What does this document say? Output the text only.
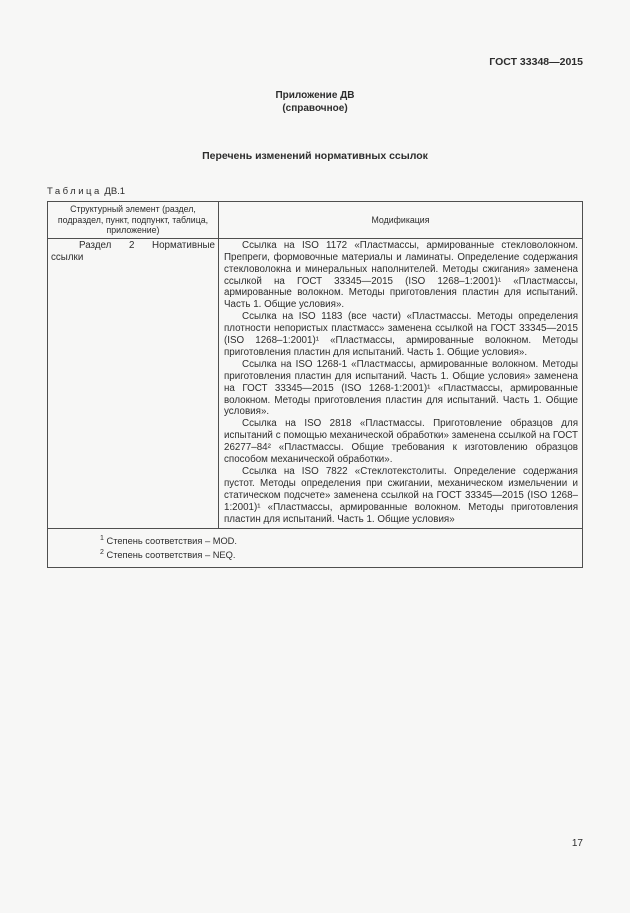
ГОСТ 33348—2015
Приложение ДВ
(справочное)
Перечень изменений нормативных ссылок
Таблица ДВ.1
Структурный элемент (раздел, подраздел, пункт, подпункт, таблица, приложение)	Модификация

Раздел 2 Нормативные ссылки	Ссылка на ISO 1172 «Пластмассы, армированные стекловолокном. Препреги, формовочные материалы и ламинаты. Определение содержания стекловолокна и минеральных наполнителей. Методы сжигания» заменена ссылкой на ГОСТ 33345—2015 (ISO 1268–1:2001)¹ «Пластмассы, армированные волокном. Методы приготовления пластин для испытаний. Часть 1. Общие условия».

Ссылка на ISO 1183 (все части) «Пластмассы. Методы определения плотности непористых пластмасс» заменена ссылкой на ГОСТ 33345—2015 (ISO 1268–1:2001)¹ «Пластмассы, армированные волокном. Методы приготовления пластин для испытаний. Часть 1. Общие условия».

Ссылка на ISO 1268-1 «Пластмассы, армированные волокном. Методы приготовления пластин для испытаний. Часть 1. Общие условия» заменена на ГОСТ 33345—2015 (ISO 1268-1:2001)¹ «Пластмассы, армированные волокном. Методы приготовления пластин для испытаний. Часть 1. Общие условия».

Ссылка на ISO 2818 «Пластмассы. Приготовление образцов для испытаний с помощью механической обработки» заменена ссылкой на ГОСТ 26277–84² «Пластмассы. Общие требования к изготовлению образцов способом механической обработки».

Ссылка на ISO 7822 «Стеклотекстолиты. Определение содержания пустот. Методы определения при сжигании, механическом измельчении и статическом подсчете» заменена ссылкой на ГОСТ 33345—2015 (ISO 1268–1:2001)¹ «Пластмассы, армированные волокном. Методы приготовления пластин для испытаний. Часть 1. Общие условия»

$^1$ Степень соответствия – MOD.
$^2$ Степень соответствия – NEQ.	
17
